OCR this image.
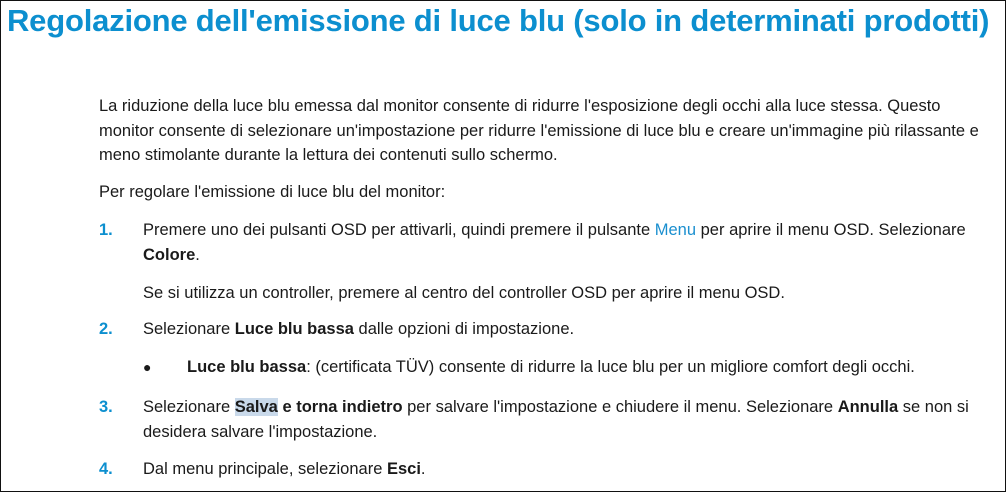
Regolazione dell'emissione di luce blu (solo in determinati prodotti)

La riduzione della luce blu emessa dal monitor consente di ridurre l'esposizione degli occhi alla luce stessa. Questo monitor consente di selezionare un'impostazione per ridurre l'emissione di luce blu e creare un'immagine più rilassante e meno stimolante durante la lettura dei contenuti sullo schermo.

Per regolare l'emissione di luce blu del monitor:

1. Premere uno dei pulsanti OSD per attivarli, quindi premere il pulsante Menu per aprire il menu OSD. Selezionare Colore.

Se si utilizza un controller, premere al centro del controller OSD per aprire il menu OSD.

2. Selezionare Luce blu bassa dalle opzioni di impostazione.

● Luce blu bassa: (certificata TÜV) consente di ridurre la luce blu per un migliore comfort degli occhi.

3. Selezionare Salva e torna indietro per salvare l'impostazione e chiudere il menu. Selezionare Annulla se non si desidera salvare l'impostazione.

4. Dal menu principale, selezionare Esci.
